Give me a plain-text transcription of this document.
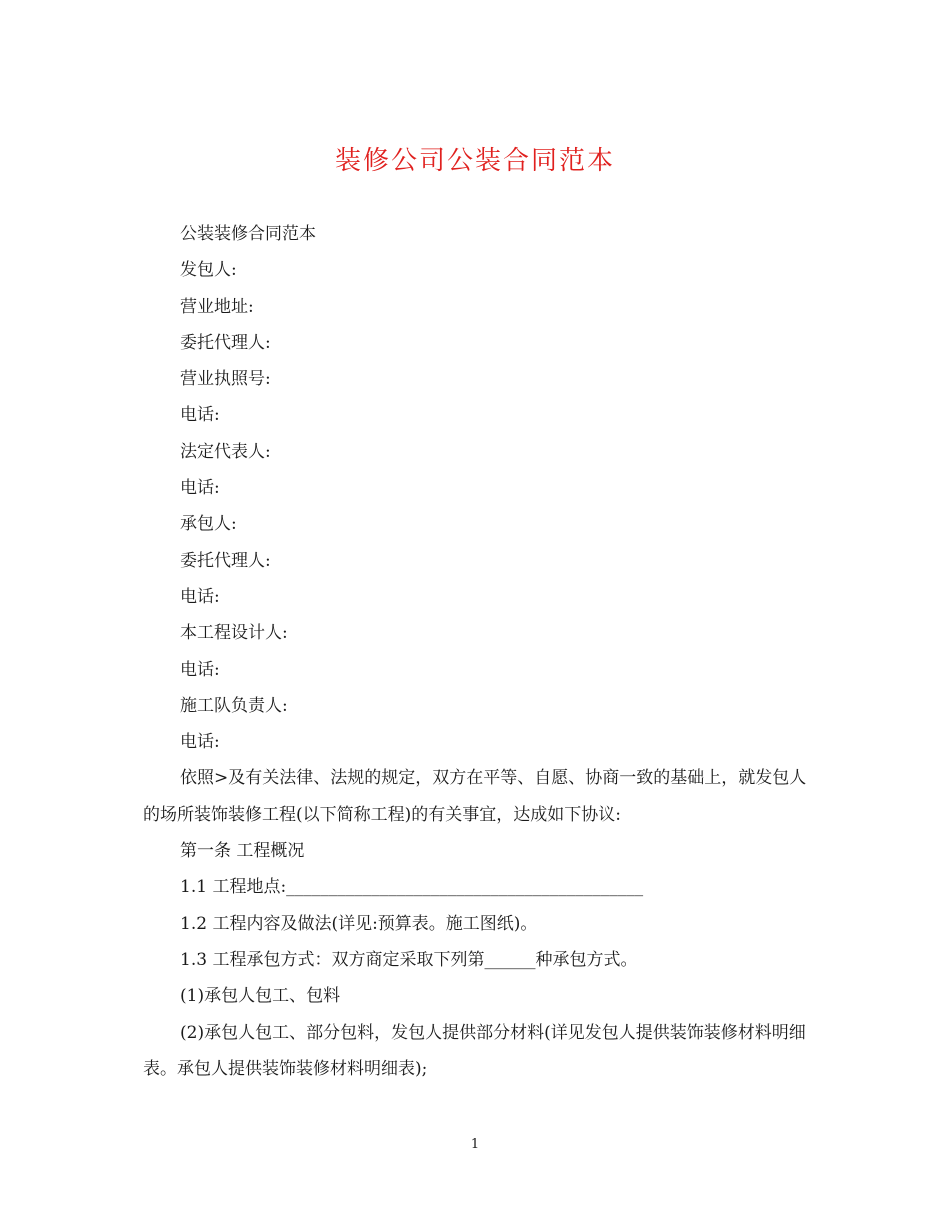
装修公司公装合同范本

公装装修合同范本

发包人:

营业地址:

委托代理人:

营业执照号:

电话:

法定代表人:

电话:

承包人:

委托代理人:

电话:

本工程设计人:

电话:

施工队负责人:

电话:

依照>及有关法律、法规的规定，双方在平等、自愿、协商一致的基础上，就发包人的场所装饰装修工程(以下简称工程)的有关事宜，达成如下协议:

第一条 工程概况

1.1 工程地点:__________________________________________

1.2 工程内容及做法(详见:预算表。施工图纸)。

1.3 工程承包方式：双方商定采取下列第______种承包方式。

(1)承包人包工、包料

(2)承包人包工、部分包料，发包人提供部分材料(详见发包人提供装饰装修材料明细表。承包人提供装饰装修材料明细表);

1
